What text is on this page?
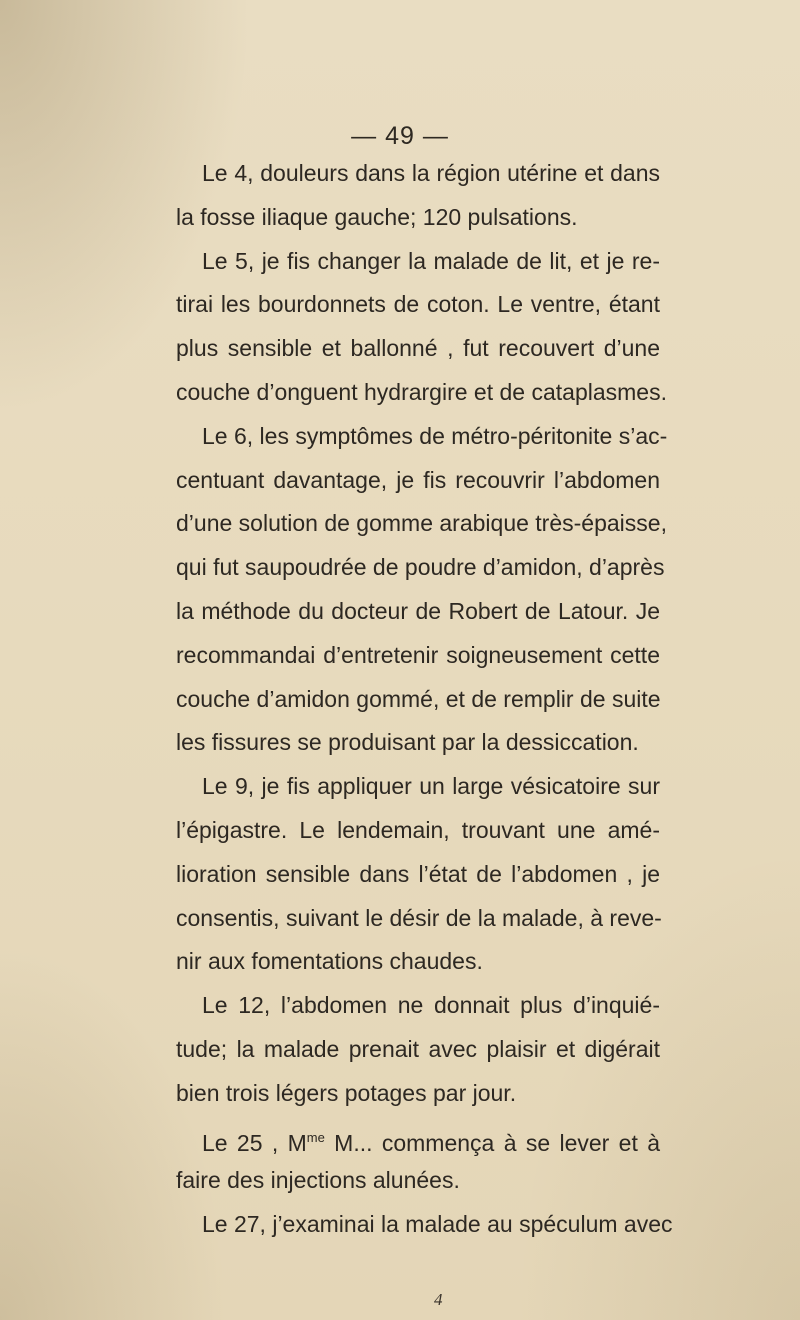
— 49 —
Le 4, douleurs dans la région utérine et dans
la fosse iliaque gauche; 120 pulsations.
Le 5, je fis changer la malade de lit, et je re-
tirai les bourdonnets de coton. Le ventre, étant
plus sensible et ballonné , fut recouvert d’une
couche d’onguent hydrargire et de cataplasmes.
Le 6, les symptômes de métro-péritonite s’ac-
centuant davantage, je fis recouvrir l’abdomen
d’une solution de gomme arabique très-épaisse,
qui fut saupoudrée de poudre d’amidon, d’après
la méthode du docteur de Robert de Latour. Je
recommandai d’entretenir soigneusement cette
couche d’amidon gommé, et de remplir de suite
les fissures se produisant par la dessiccation.
Le 9, je fis appliquer un large vésicatoire sur
l’épigastre. Le lendemain, trouvant une amé-
lioration sensible dans l’état de l’abdomen , je
consentis, suivant le désir de la malade, à reve-
nir aux fomentations chaudes.
Le 12, l’abdomen ne donnait plus d’inquié-
tude; la malade prenait avec plaisir et digérait
bien trois légers potages par jour.
Le 25 , $M^{me}$ M... commença à se lever et à
faire des injections alunées.
Le 27, j’examinai la malade au spéculum avec
4
